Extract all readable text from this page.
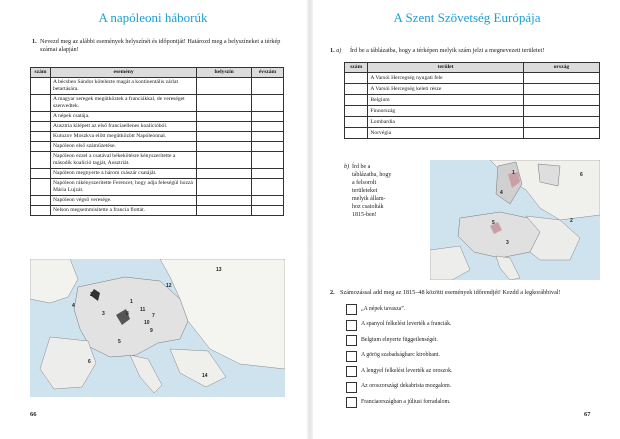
A napóleoni háborúk
1. Nevezd meg az alábbi események helyszínét és időpontját! Határozd meg a helyszíneket a térkép számai alapján!
szám	esemény	helyszín	évszám
	A bécsben Sándor kötelezte magát a kontinentális zárlat betartására.		
	A magyar seregek megütköztek a franciákkal, de vereséget szenvedtek.		
	A népek csatája.		
	Ausztria kilépett az első franciaellenes koalícióból.		
	Kutuzov Moszkva előtt megütközött Napóleonnal.		
	Napóleon első száműzetése.		
	Napóleon ezzel a csatával békekötésre kényszerítette a második koalíció tagját, Ausztriát.		
	Napóleon megnyerte a három császár csatáját.		
	Napóleon rákényszerítette Ferencet, hogy adja feleségül hozzá Mária Lujzát.		
	Napóleon végső veresége.		
	Nelson megsemmisítette a francia flottát.		
13
2
12
4
1
3	8
11
7
10
9
5
6
14
66
A Szent Szövetség Európája
1. a) Írd be a táblázatba, hogy a térképen melyik szám jelzi a megnevezett területet!
szám	terület	ország
	A Varsói Hercegség nyugati fele	
	A Varsói Hercegség keleti része	
	Belgium	
	Finnország	
	Lombardia	
	Norvégia	
b) Írd be a táblázatba, hogy a felsorolt területeket melyik állam-hoz csatolták 1815-ben!
1	6
4
5	2
3
2. Számozással add meg az 1815–48 közötti események időrendjét! Kezdd a legkorábbival!
„A népek tavasza”.
A spanyol felkelést leverték a franciák.
Belgium elnyerte függetlenségét.
A görög szabadságharc kirobbant.
A lengyel felkelést leverték az oroszok.
Az oroszországi dekabrista mozgalom.
Franciaországban a júliusi forradalom.
67
